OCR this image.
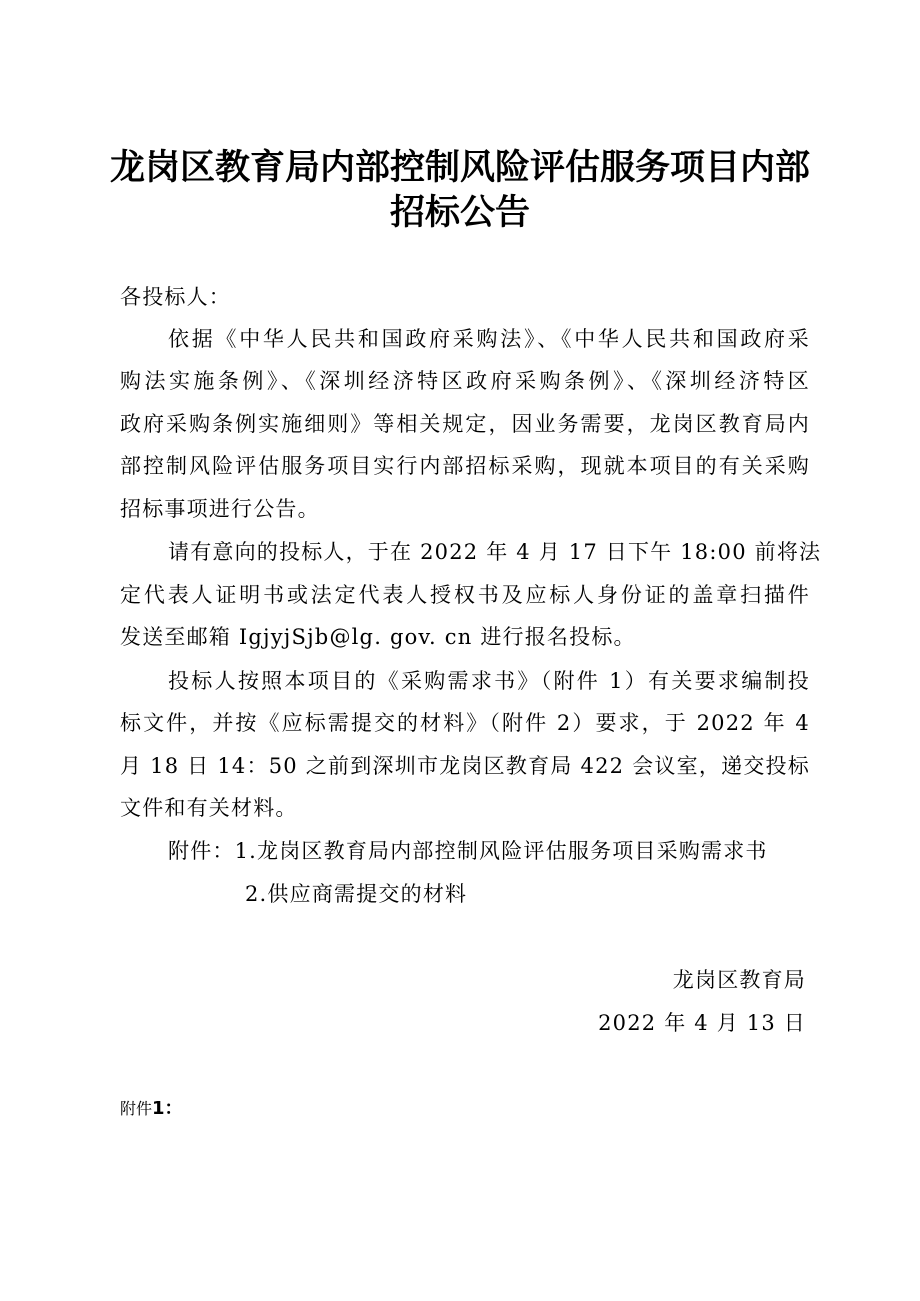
龙岗区教育局内部控制风险评估服务项目内部
招标公告
各投标人：
依据《中华人民共和国政府采购法》、《中华人民共和国政府采
购法实施条例》、《深圳经济特区政府采购条例》、《深圳经济特区
政府采购条例实施细则》等相关规定，因业务需要，龙岗区教育局内
部控制风险评估服务项目实行内部招标采购，现就本项目的有关采购
招标事项进行公告。
请有意向的投标人，于在 2022 年 4 月 17 日下午 18:00 前将法
定代表人证明书或法定代表人授权书及应标人身份证的盖章扫描件
发送至邮箱 IgjyjSjb@lg. gov. cn 进行报名投标。
投标人按照本项目的《采购需求书》（附件 1）有关要求编制投
标文件，并按《应标需提交的材料》（附件 2）要求，于 2022 年 4
月 18 日 14：50 之前到深圳市龙岗区教育局 422 会议室，递交投标
文件和有关材料。
附件：1.龙岗区教育局内部控制风险评估服务项目采购需求书
2.供应商需提交的材料
龙岗区教育局
2022 年 4 月 13 日
附件1：
